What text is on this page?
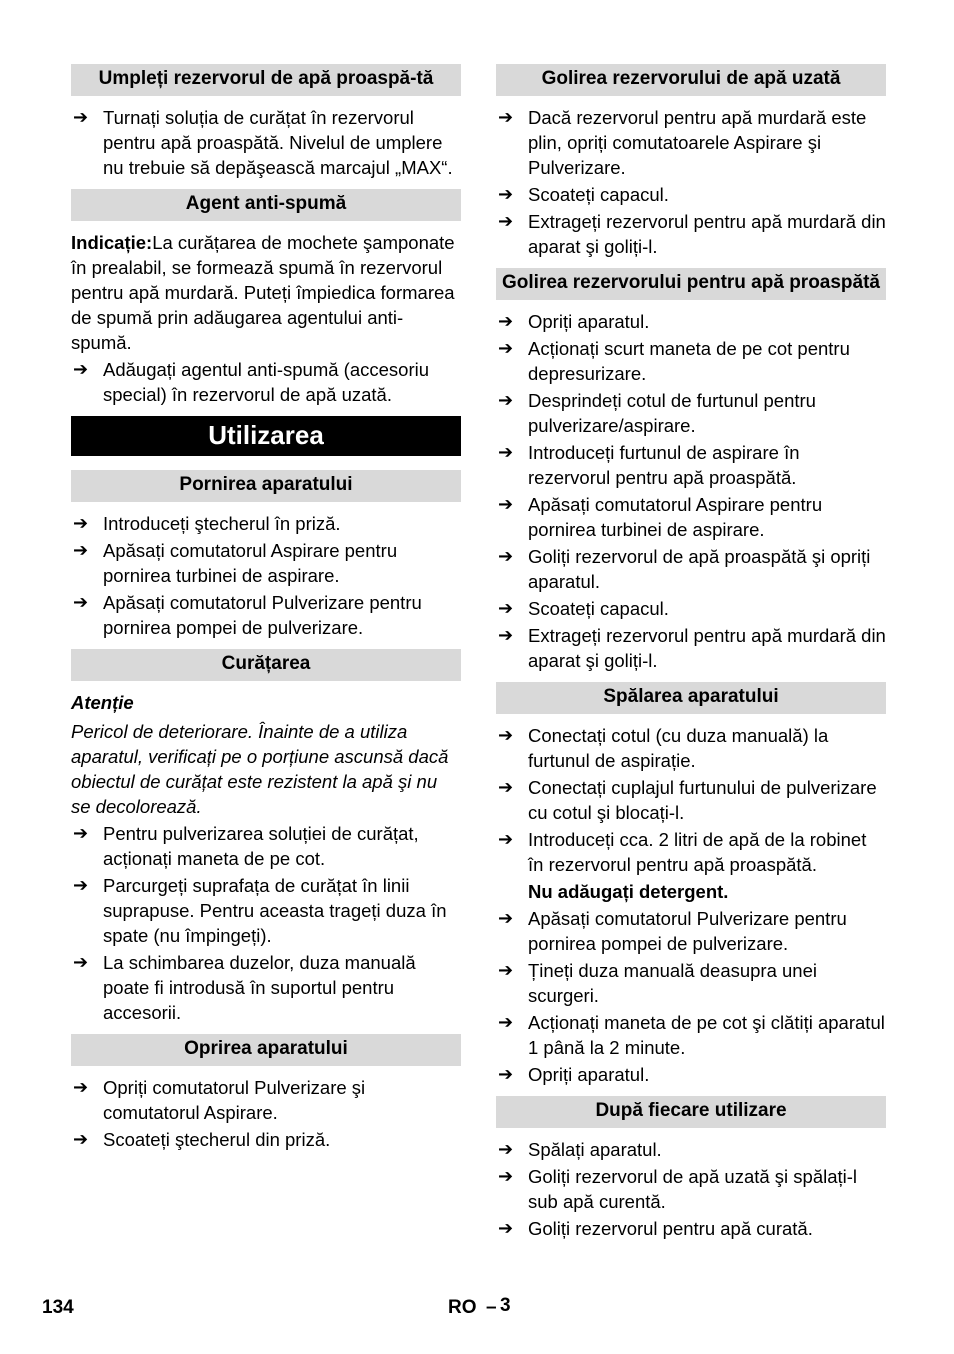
Umpleți rezervorul de apă proaspă-tă
➔ Turnați soluția de curățat în rezervorul pentru apă proaspătă. Nivelul de umplere nu trebuie să depăşească marcajul „MAX“.
Agent anti-spumă

Indicație:La curățarea de mochete şamponate în prealabil, se formează spumă în rezervorul pentru apă murdară. Puteți împiedica formarea de spumă prin adăugarea agentului anti-spumă.

➔ Adăugați agentul anti-spumă (accesoriu special) în rezervorul de apă uzată.
Utilizarea
Pornirea aparatului
➔ Introduceți ştecherul în priză.
➔ Apăsați comutatorul Aspirare pentru pornirea turbinei de aspirare.
➔ Apăsați comutatorul Pulverizare pentru pornirea pompei de pulverizare.
Curățarea
Atenție
Pericol de deteriorare. Înainte de a utiliza aparatul, verificați pe o porțiune ascunsă dacă obiectul de curățat este rezistent la apă şi nu se decolorează.
➔ Pentru pulverizarea soluției de curățat, acționați maneta de pe cot.
➔ Parcurgeți suprafața de curățat în linii suprapuse. Pentru aceasta trageți duza în spate (nu împingeți).
➔ La schimbarea duzelor, duza manuală poate fi introdusă în suportul pentru accesorii.
Oprirea aparatului
➔ Opriți comutatorul Pulverizare şi comutatorul Aspirare.
➔ Scoateți ştecherul din priză.
Golirea rezervorului de apă uzată
➔ Dacă rezervorul pentru apă murdară este plin, opriți comutatoarele Aspirare şi Pulverizare.
➔ Scoateți capacul.
➔ Extrageți rezervorul pentru apă murdară din aparat şi goliți-l.
Golirea rezervorului pentru apă proaspătă
➔ Opriți aparatul.
➔ Acționați scurt maneta de pe cot pentru depresurizare.
➔ Desprindeți cotul de furtunul pentru pulverizare/aspirare.
➔ Introduceți furtunul de aspirare în rezervorul pentru apă proaspătă.
➔ Apăsați comutatorul Aspirare pentru pornirea turbinei de aspirare.
➔ Goliți rezervorul de apă proaspătă şi opriți aparatul.
➔ Scoateți capacul.
➔ Extrageți rezervorul pentru apă murdară din aparat şi goliți-l.
Spălarea aparatului
➔ Conectați cotul (cu duza manuală) la furtunul de aspirație.
➔ Conectați cuplajul furtunului de pulverizare cu cotul şi blocați-l.
➔ Introduceți cca. 2 litri de apă de la robinet în rezervorul pentru apă proaspătă.
Nu adăugați detergent.
➔ Apăsați comutatorul Pulverizare pentru pornirea pompei de pulverizare.
➔ Țineți duza manuală deasupra unei scurgeri.
➔ Acționați maneta de pe cot şi clătiți aparatul 1 până la 2 minute.
➔ Opriți aparatul.
După fiecare utilizare
➔ Spălați aparatul.
➔ Goliți rezervorul de apă uzată şi spălați-l sub apă curentă.
➔ Goliți rezervorul pentru apă curată.
134	RO – 3
